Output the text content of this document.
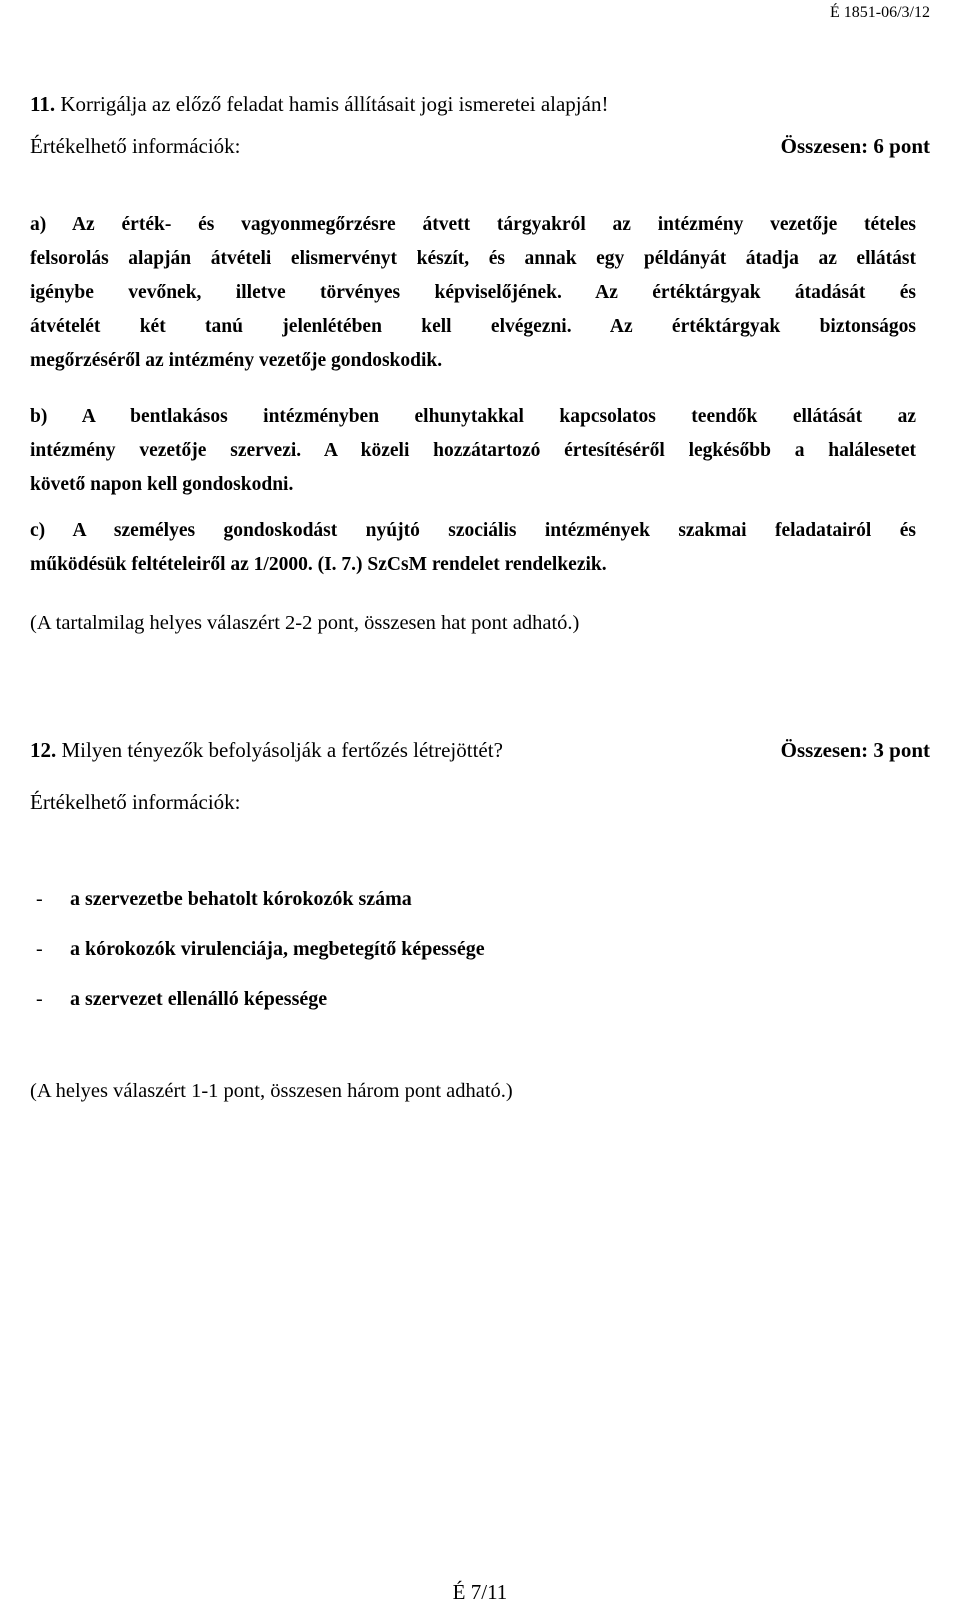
É 1851-06/3/12
11. Korrigálja az előző feladat hamis állításait jogi ismeretei alapján!
Értékelhető információk:	Összesen: 6 pont
a) Az érték- és vagyonmegőrzésre átvett tárgyakról az intézmény vezetője tételes
felsorolás alapján átvételi elismervényt készít, és annak egy példányát átadja az ellátást
igénybe vevőnek, illetve törvényes képviselőjének. Az értéktárgyak átadását és
átvételét két tanú jelenlétében kell elvégezni. Az értéktárgyak biztonságos
megőrzéséről az intézmény vezetője gondoskodik.
b) A bentlakásos intézményben elhunytakkal kapcsolatos teendők ellátását az
intézmény vezetője szervezi. A közeli hozzátartozó értesítéséről legkésőbb a halálesetet
követő napon kell gondoskodni.
c) A személyes gondoskodást nyújtó szociális intézmények szakmai feladatairól és
működésük feltételeiről az 1/2000. (I. 7.) SzCsM rendelet rendelkezik.
(A tartalmilag helyes válaszért 2-2 pont, összesen hat pont adható.)
12. Milyen tényezők befolyásolják a fertőzés létrejöttét?	Összesen: 3 pont
Értékelhető információk:
- a szervezetbe behatolt kórokozók száma
- a kórokozók virulenciája, megbetegítő képessége
- a szervezet ellenálló képessége
(A helyes válaszért 1-1 pont, összesen három pont adható.)
É 7/11
